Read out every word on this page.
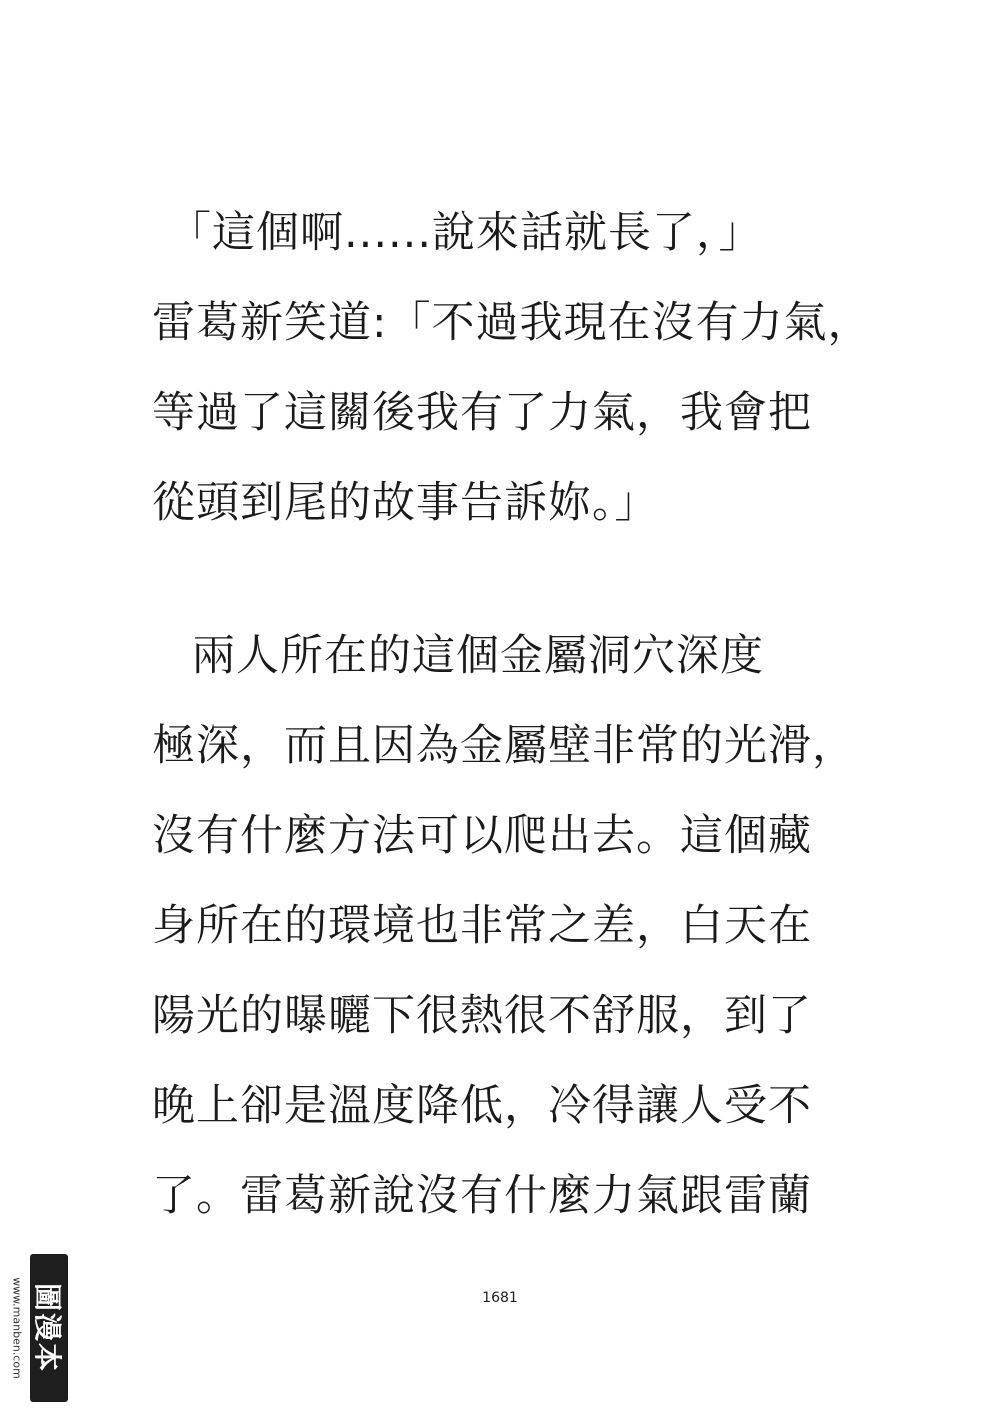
「這個啊......說來話就長了，」
雷葛新笑道:「不過我現在沒有力氣，
等過了這關後我有了力氣，我會把
從頭到尾的故事告訴妳。」
兩人所在的這個金屬洞穴深度
極深，而且因為金屬壁非常的光滑，
沒有什麼方法可以爬出去。這個藏
身所在的環境也非常之差，白天在
陽光的曝曬下很熱很不舒服，到了
晚上卻是溫度降低，冷得讓人受不
了。雷葛新說沒有什麼力氣跟雷蘭
1681
www.manben.com 圖漫本
